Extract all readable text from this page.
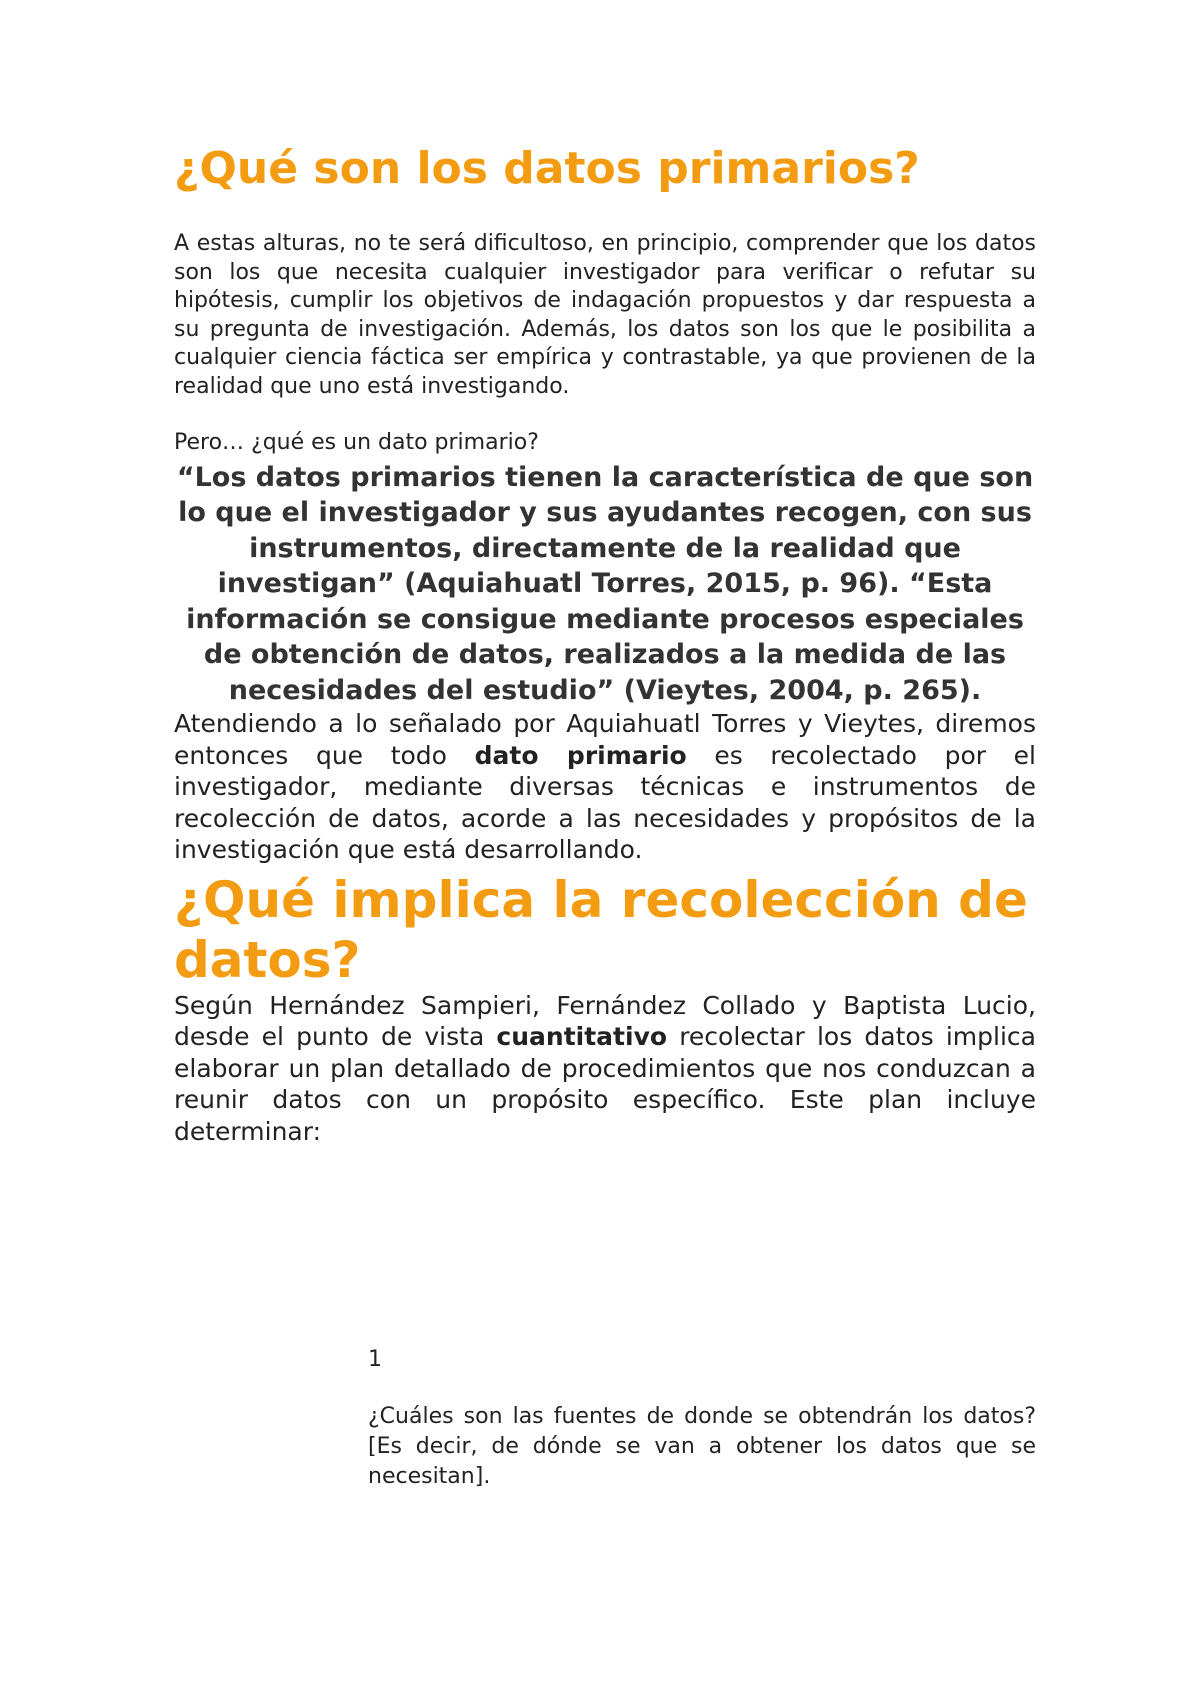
¿Qué son los datos primarios?

A estas alturas, no te será dificultoso, en principio, comprender que los datos son los que necesita cualquier investigador para verificar o refutar su hipótesis, cumplir los objetivos de indagación propuestos y dar respuesta a su pregunta de investigación. Además, los datos son los que le posibilita a cualquier ciencia fáctica ser empírica y contrastable, ya que provienen de la realidad que uno está investigando.

Pero… ¿qué es un dato primario?

“Los datos primarios tienen la característica de que son lo que el investigador y sus ayudantes recogen, con sus instrumentos, directamente de la realidad que investigan” (Aquiahuatl Torres, 2015, p. 96). “Esta información se consigue mediante procesos especiales de obtención de datos, realizados a la medida de las necesidades del estudio” (Vieytes, 2004, p. 265).

Atendiendo a lo señalado por Aquiahuatl Torres y Vieytes, diremos entonces que todo dato primario es recolectado por el investigador, mediante diversas técnicas e instrumentos de recolección de datos, acorde a las necesidades y propósitos de la investigación que está desarrollando.

¿Qué implica la recolección de datos?

Según Hernández Sampieri, Fernández Collado y Baptista Lucio, desde el punto de vista cuantitativo recolectar los datos implica elaborar un plan detallado de procedimientos que nos conduzcan a reunir datos con un propósito específico. Este plan incluye determinar:

1

¿Cuáles son las fuentes de donde se obtendrán los datos? [Es decir, de dónde se van a obtener los datos que se necesitan].
